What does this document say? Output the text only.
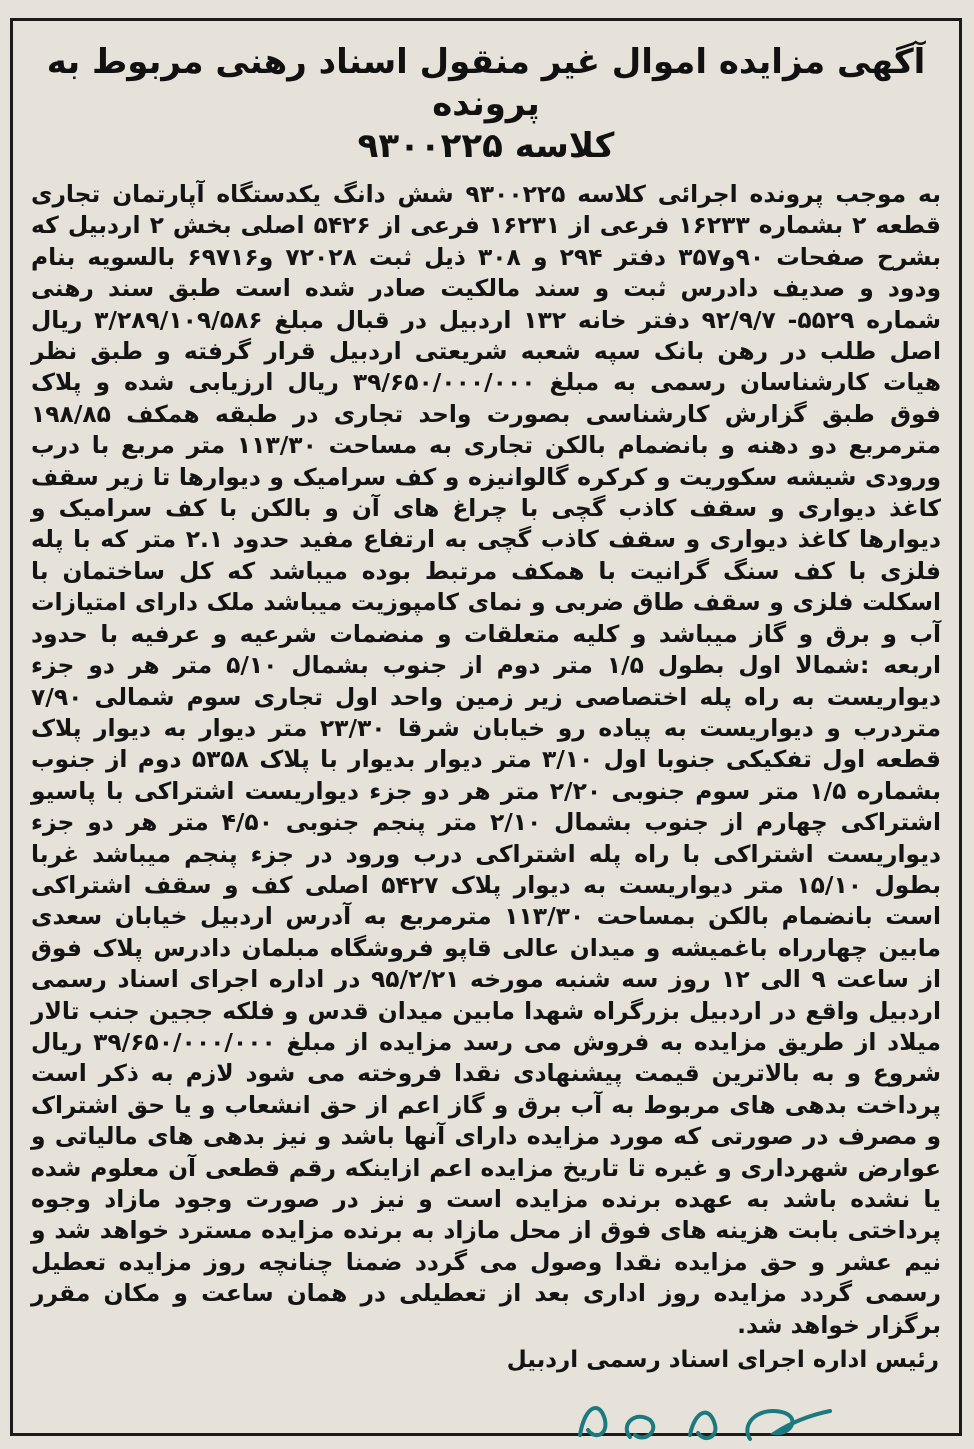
آگهی مزایده اموال غیر منقول اسناد رهنی مربوط به پرونده
کلاسه ۹۳۰۰۲۲۵
به موجب پرونده اجرائی کلاسه ۹۳۰۰۲۲۵ شش دانگ یکدستگاه آپارتمان تجاری قطعه ۲ بشماره ۱۶۲۳۳ فرعی از ۱۶۲۳۱ فرعی از ۵۴۲۶ اصلی بخش ۲ اردبیل که بشرح صفحات ۹۰و۳۵۷ دفتر ۲۹۴ و ۳۰۸ ذیل ثبت ۷۲۰۲۸ و۶۹۷۱۶ بالسویه بنام ودود و صدیف دادرس ثبت و سند مالکیت صادر شده است طبق سند رهنی شماره ۵۵۲۹- ۹۲/۹/۷ دفتر خانه ۱۳۲ اردبیل در قبال مبلغ ۳/۲۸۹/۱۰۹/۵۸۶ ریال اصل طلب در رهن بانک سپه شعبه شریعتی اردبیل قرار گرفته و طبق نظر هیات کارشناسان رسمی به مبلغ ۳۹/۶۵۰/۰۰۰/۰۰۰ ریال ارزیابی شده و پلاک فوق طبق گزارش کارشناسی بصورت واحد تجاری در طبقه همکف ۱۹۸/۸۵ مترمربع دو دهنه و بانضمام بالکن تجاری به مساحت ۱۱۳/۳۰ متر مربع با درب ورودی شیشه سکوریت و کرکره گالوانیزه و کف سرامیک و دیوارها تا زیر سقف کاغذ دیواری و سقف کاذب گچی با چراغ های آن و بالکن با کف سرامیک و دیوارها کاغذ دیواری و سقف کاذب گچی به ارتفاع مفید حدود ۲.۱ متر که با پله فلزی با کف سنگ گرانیت با همکف مرتبط بوده میباشد که کل ساختمان با اسکلت فلزی و سقف طاق ضربی و نمای کامپوزیت میباشد ملک دارای امتیازات آب و برق و گاز میباشد و کلیه متعلقات و منضمات شرعیه و عرفیه با حدود اربعه :شمالا اول بطول ۱/۵ متر دوم از جنوب بشمال ۵/۱۰ متر هر دو جزء دیواریست به راه پله اختصاصی زیر زمین واحد اول تجاری سوم شمالی ۷/۹۰ متردرب و دیواریست به پیاده رو خیابان شرقا ۲۳/۳۰ متر دیوار به دیوار پلاک قطعه اول تفکیکی جنوبا اول ۳/۱۰ متر دیوار بدیوار با پلاک ۵۳۵۸ دوم از جنوب بشماره ۱/۵ متر سوم جنوبی ۲/۲۰ متر هر دو جزء دیواریست اشتراکی با پاسیو اشتراکی چهارم از جنوب بشمال ۲/۱۰ متر پنجم جنوبی ۴/۵۰ متر هر دو جزء دیواریست اشتراکی با راه پله اشتراکی درب ورود در جزء پنجم میباشد غربا بطول ۱۵/۱۰ متر دیواریست به دیوار پلاک ۵۴۲۷ اصلی کف و سقف اشتراکی است بانضمام بالکن بمساحت ۱۱۳/۳۰ مترمربع به آدرس اردبیل خیابان سعدی مابین چهارراه باغمیشه و میدان عالی قاپو فروشگاه مبلمان دادرس پلاک فوق از ساعت ۹ الی ۱۲ روز سه شنبه مورخه ۹۵/۲/۲۱ در اداره اجرای اسناد رسمی اردبیل واقع در اردبیل بزرگراه شهدا مابین میدان قدس و فلکه ججین جنب تالار میلاد از طریق مزایده به فروش می رسد مزایده از مبلغ ۳۹/۶۵۰/۰۰۰/۰۰۰ ریال شروع و به بالاترین قیمت پیشنهادی نقدا فروخته می شود لازم به ذکر است پرداخت بدهی های مربوط به آب برق و گاز اعم از حق انشعاب و یا حق اشتراک و مصرف در صورتی که مورد مزایده دارای آنها باشد و نیز بدهی های مالیاتی و عوارض شهرداری و غیره تا تاریخ مزایده اعم ازاینکه رقم قطعی آن معلوم شده یا نشده باشد به عهده برنده مزایده است و نیز در صورت وجود مازاد وجوه پرداختی بابت هزینه های فوق از محل مازاد به برنده مزایده مسترد خواهد شد و نیم عشر و حق مزایده نقدا وصول می گردد ضمنا چنانچه روز مزایده تعطیل رسمی گردد مزایده روز اداری بعد از تعطیلی در همان ساعت و مکان مقرر برگزار خواهد شد.
رئیس اداره اجرای اسناد رسمی اردبیل
